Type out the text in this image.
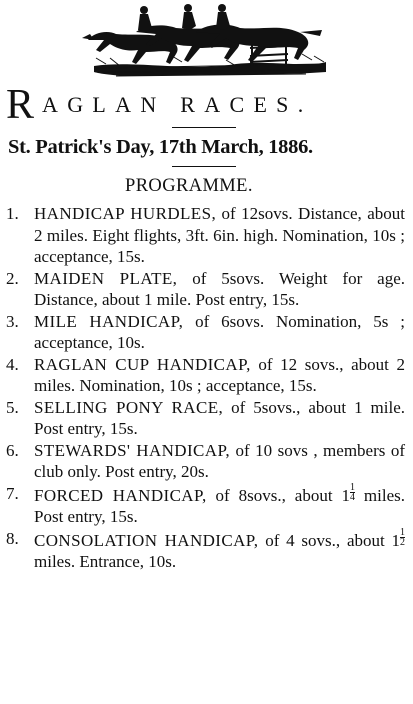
RAGLAN RACES.
St. Patrick's Day, 17th March, 1886.
PROGRAMME.
1. HANDICAP HURDLES, of 12sovs. Distance, about 2 miles. Eight flights, 3ft. 6in. high. Nomination, 10s ; acceptance, 15s.
2. MAIDEN PLATE, of 5sovs. Weight for age. Distance, about 1 mile. Post entry, 15s.
3. MILE HANDICAP, of 6sovs. Nomination, 5s ; acceptance, 10s.
4. RAGLAN CUP HANDICAP, of 12 sovs., about 2 miles. Nomination, 10s ; acceptance, 15s.
5. SELLING PONY RACE, of 5sovs., about 1 mile. Post entry, 15s.
6. STEWARDS' HANDICAP, of 10 sovs , members of club only. Post entry, 20s.
7. FORCED HANDICAP, of 8sovs., about $1 \frac{1}{4}$ miles. Post entry, 15s.
8. CONSOLATION HANDICAP, of 4 sovs., about $1 \frac{1}{2}$
miles. Entrance, 10s.
